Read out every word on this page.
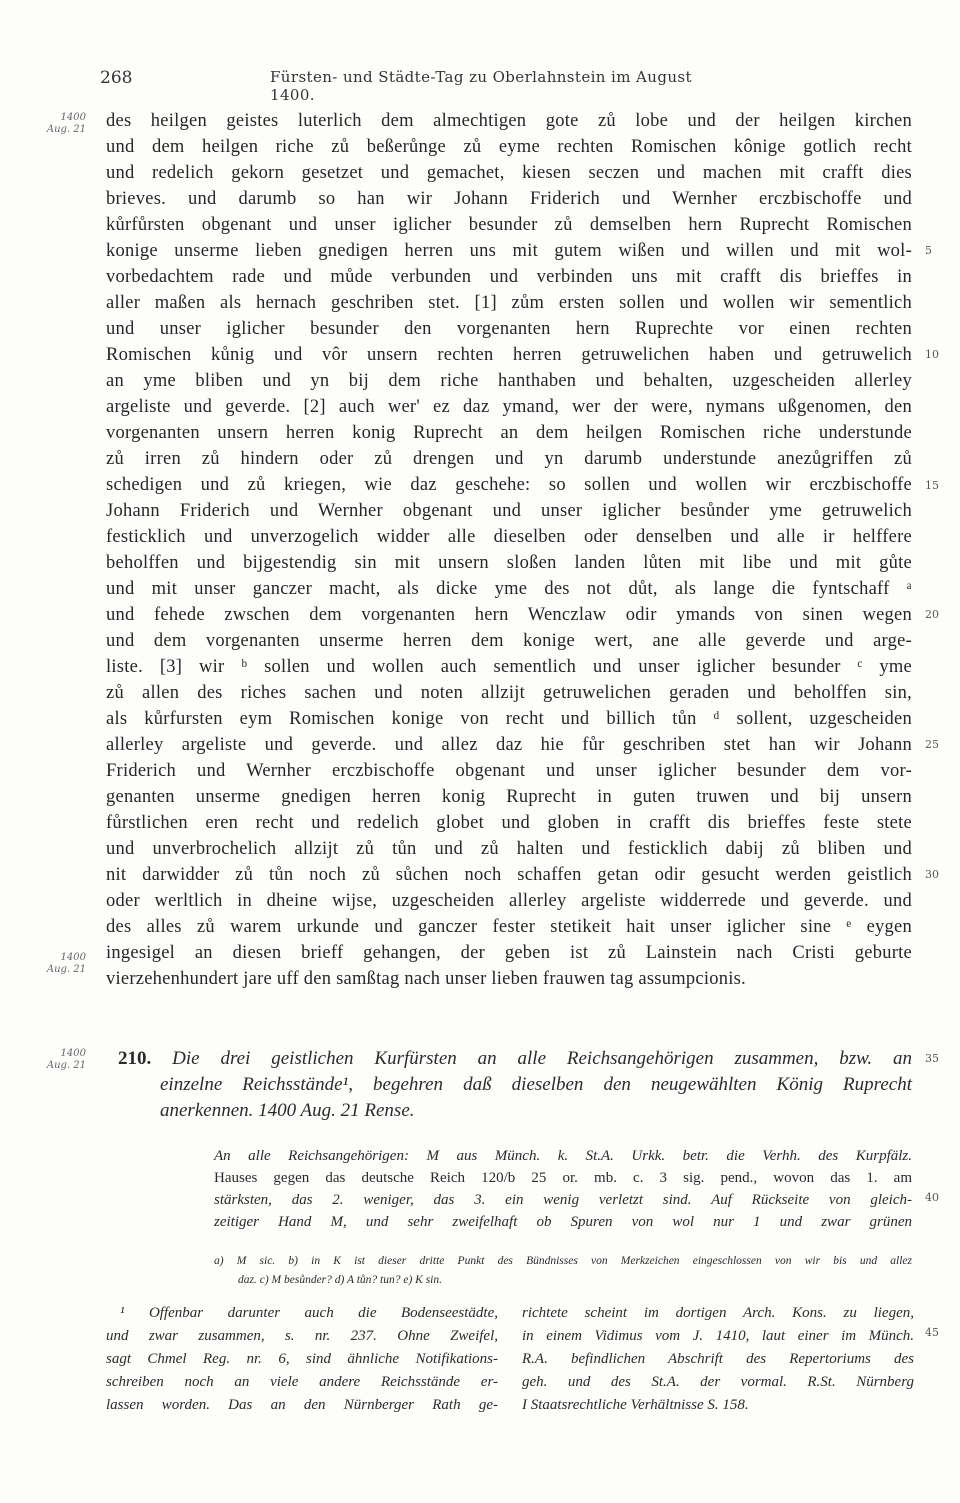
268	Fürsten- und Städte-Tag zu Oberlahnstein im August 1400.
1400 Aug. 21
1400 Aug. 21
1400 Aug. 21
5
10
15
20
25
30
35
40
45
des heilgen geistes luterlich dem almechtigen gote zů lobe und der heilgen kirchen
und dem heilgen riche zů beßerůnge zů eyme rechten Romischen kônige gotlich recht
und redelich gekorn gesetzet und gemachet, kiesen seczen und machen mit crafft dies
brieves. und darumb so han wir Johann Friderich und Wernher erczbischoffe und
kůrfůrsten obgenant und unser iglicher besunder zů demselben hern Ruprecht Romischen
konige unserme lieben gnedigen herren uns mit gutem wißen und willen und mit wol-
vorbedachtem rade und můde verbunden und verbinden uns mit crafft dis brieffes in
aller maßen als hernach geschriben stet. [1] zům ersten sollen und wollen wir sementlich
und unser iglicher besunder den vorgenanten hern Ruprechte vor einen rechten
Romischen kůnig und vôr unsern rechten herren getruwelichen haben und getruwelich
an yme bliben und yn bij dem riche hanthaben und behalten, uzgescheiden allerley
argeliste und geverde. [2] auch wer' ez daz ymand, wer der were, nymans ußgenomen, den
vorgenanten unsern herren konig Ruprecht an dem heilgen Romischen riche understunde
zů irren zů hindern oder zů drengen und yn darumb understunde anezůgriffen zů
schedigen und zů kriegen, wie daz geschehe: so sollen und wollen wir erczbischoffe
Johann Friderich und Wernher obgenant und unser iglicher besůnder yme getruwelich
festicklich und unverzogelich widder alle dieselben oder denselben und alle ir helffere
beholffen und bijgestendig sin mit unsern sloßen landen lůten mit libe und mit gůte
und mit unser ganczer macht, als dicke yme des not důt, als lange die fyntschaff ᵃ
und fehede zwschen dem vorgenanten hern Wenczlaw odir ymands von sinen wegen
und dem vorgenanten unserme herren dem konige wert, ane alle geverde und arge-
liste. [3] wir ᵇ sollen und wollen auch sementlich und unser iglicher besunder ᶜ yme
zů allen des riches sachen und noten allzijt getruwelichen geraden und beholffen sin,
als kůrfursten eym Romischen konige von recht und billich tůn ᵈ sollent, uzgescheiden
allerley argeliste und geverde. und allez daz hie fůr geschriben stet han wir Johann
Friderich und Wernher erczbischoffe obgenant und unser iglicher besunder dem vor-
genanten unserme gnedigen herren konig Ruprecht in guten truwen und bij unsern
fůrstlichen eren recht und redelich globet und globen in crafft dis brieffes feste stete
und unverbrochelich allzijt zů tůn und zů halten und festicklich dabij zů bliben und
nit darwidder zů tůn noch zů sůchen noch schaffen getan odir gesucht werden geistlich
oder werltlich in dheine wijse, uzgescheiden allerley argeliste widderrede und geverde. und
des alles zů warem urkunde und ganczer fester stetikeit hait unser iglicher sine ᵉ eygen
ingesigel an diesen brieff gehangen, der geben ist zů Lainstein nach Cristi geburte
vierzehenhundert jare uff den samßtag nach unser lieben frauwen tag assumpcionis.
210. Die drei geistlichen Kurfürsten an alle Reichsangehörigen zusammen, bzw. an
einzelne Reichsstände¹, begehren daß dieselben den neugewählten König Ruprecht
anerkennen. 1400 Aug. 21 Rense.
An alle Reichsangehörigen: M aus Münch. k. St.A. Urkk. betr. die Verhh. des Kurpfälz.
Hauses gegen das deutsche Reich 120/b 25 or. mb. c. 3 sig. pend., wovon das 1. am
stärksten, das 2. weniger, das 3. ein wenig verletzt sind. Auf Rückseite von gleich-
zeitiger Hand M, und sehr zweifelhaft ob Spuren von wol nur 1 und zwar grünen
a) M sic. b) in K ist dieser dritte Punkt des Bündnisses von Merkzeichen eingeschlossen von wir bis und allez
daz. c) M besůnder? d) A tůn? tun? e) K sin.
¹ Offenbar darunter auch die Bodenseestädte,
und zwar zusammen, s. nr. 237. Ohne Zweifel,
sagt Chmel Reg. nr. 6, sind ähnliche Notifikations-
schreiben noch an viele andere Reichsstände er-
lassen worden. Das an den Nürnberger Rath ge-
richtete scheint im dortigen Arch. Kons. zu liegen,
in einem Vidimus vom J. 1410, laut einer im Münch.
R.A. befindlichen Abschrift des Repertoriums des
geh. und des St.A. der vormal. R.St. Nürnberg
I Staatsrechtliche Verhältnisse S. 158.
